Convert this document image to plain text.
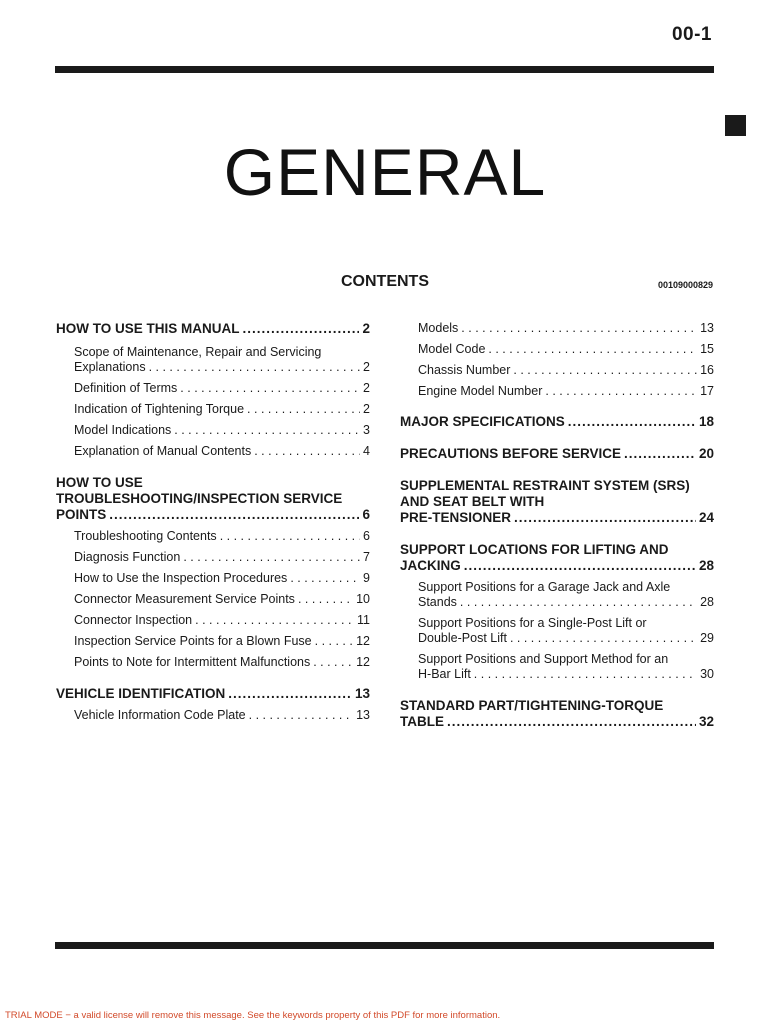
00-1
GENERAL
CONTENTS	00109000829
HOW TO USE THIS MANUAL .....	2
Scope of Maintenance, Repair and Servicing
Explanations . . .	2
Definition of Terms . . .	2
Indication of Tightening Torque . . .	2
Model Indications . . .	3
Explanation of Manual Contents . . .	4
HOW TO USE
TROUBLESHOOTING/INSPECTION SERVICE
POINTS .....	6
Troubleshooting Contents . . .	6
Diagnosis Function . . .	7
How to Use the Inspection Procedures . . .	9
Connector Measurement Service Points . . .	10
Connector Inspection . . .	11
Inspection Service Points for a Blown Fuse . . .	12
Points to Note for Intermittent Malfunctions . . .	12
VEHICLE IDENTIFICATION .....	13
Vehicle Information Code Plate . . .	13
Models . . .	13
Model Code . . .	15
Chassis Number . . .	16
Engine Model Number . . .	17
MAJOR SPECIFICATIONS .....	18
PRECAUTIONS BEFORE SERVICE .....	20
SUPPLEMENTAL RESTRAINT SYSTEM (SRS)
AND SEAT BELT WITH
PRE-TENSIONER .....	24
SUPPORT LOCATIONS FOR LIFTING AND
JACKING .....	28
Support Positions for a Garage Jack and Axle
Stands . . .	28
Support Positions for a Single-Post Lift or
Double-Post Lift . . .	29
Support Positions and Support Method for an
H-Bar Lift . . .	30
STANDARD PART/TIGHTENING-TORQUE
TABLE .....	32
TRIAL MODE − a valid license will remove this message. See the keywords property of this PDF for more information.
